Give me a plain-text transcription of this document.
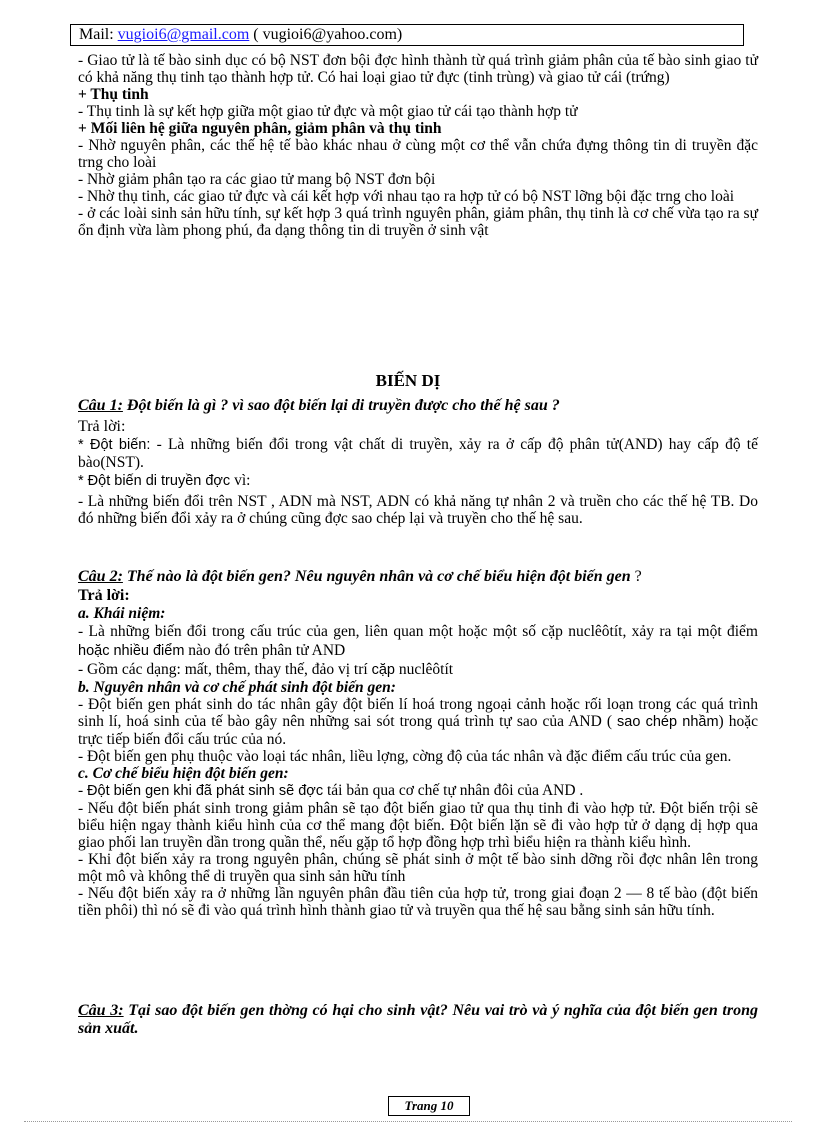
Mail: vugioi6@gmail.com ( vugioi6@yahoo.com)

- Giao tử là tế bào sinh dục có bộ NST đơn bội đợc hình thành từ quá trình giảm phân của tế bào sinh giao tử có khả năng thụ tinh tạo thành hợp tử. Có hai loại giao tử đực (tinh trùng) và giao tử cái (trứng)

+ Thụ tinh

- Thụ tinh là sự kết hợp giữa một giao tử đực và một giao tử cái tạo thành hợp tử

+ Mối liên hệ giữa nguyên phân, giảm phân và thụ tinh

- Nhờ nguyên phân, các thế hệ tế bào khác nhau ở cùng một cơ thể vẫn chứa đựng thông tin di truyền đặc trng cho loài

- Nhờ giảm phân tạo ra các giao tử mang bộ NST đơn bội

- Nhờ thụ tinh, các giao tử đực và cái kết hợp với nhau tạo ra hợp tử có bộ NST lỡng bội đặc trng cho loài

- ở các loài sinh sản hữu tính, sự kết hợp 3 quá trình nguyên phân, giảm phân, thụ tinh là cơ chế vừa tạo ra sự ổn định vừa làm phong phú, đa dạng thông tin di truyền ở sinh vật

BIẾN DỊ

Câu 1: Đột biến là gì ? vì sao đột biến lại di truyền được cho thế hệ sau ?

Trả lời:

* Đột biến: - Là những biến đổi trong vật chất di truyền, xảy ra ở cấp độ phân tử(AND) hay cấp độ tế bào(NST).

* Đột biến di truyền đợc vì:

- Là những biến đổi trên NST , ADN mà NST, ADN có khả năng tự nhân 2 và truền cho các thế hệ TB. Do đó những biến đổi xảy ra ở chúng cũng đợc sao chép lại và truyền cho thế hệ sau.

Câu 2: Thế nào là đột biến gen? Nêu nguyên nhân và cơ chế biểu hiện đột biến gen ?

Trả lời:

a. Khái niệm:

- Là những biến đổi trong cấu trúc của gen, liên quan một hoặc một số cặp nuclêôtít, xảy ra tại một điểm hoặc nhiều điểm nào đó trên phân tử AND

- Gồm các dạng: mất, thêm, thay thế, đảo vị trí cặp nuclêôtít

b. Nguyên nhân và cơ chế phát sinh đột biến gen:

- Đột biến gen phát sinh do tác nhân gây đột biến lí hoá trong ngoại cảnh hoặc rối loạn trong các quá trình sinh lí, hoá sinh của tế bào gây nên những sai sót trong quá trình tự sao của AND ( sao chép nhầm) hoặc trực tiếp biến đổi cấu trúc của nó.

- Đột biến gen phụ thuộc vào loại tác nhân, liều lợng, cờng độ của tác nhân và đặc điểm cấu trúc của gen.

c. Cơ chế biểu hiện đột biến gen:

- Đột biến gen khi đã phát sinh sẽ đợc tái bản qua cơ chế tự nhân đôi của AND .

- Nếu đột biến phát sinh trong giảm phân sẽ tạo đột biến giao tử qua thụ tinh đi vào hợp tử. Đột biến trội sẽ biểu hiện ngay thành kiểu hình của cơ thể mang đột biến. Đột biến lặn sẽ đi vào hợp tử ở dạng dị hợp qua giao phối lan truyền dần trong quần thể, nếu gặp tổ hợp đồng hợp trhì biểu hiện ra thành kiểu hình.

- Khi đột biến xảy ra trong nguyên phân, chúng sẽ phát sinh ở một tế bào sinh dỡng rồi đợc nhân lên trong một mô và không thể di truyền qua sinh sản hữu tính

- Nếu đột biến xảy ra ở những lần nguyên phân đầu tiên của hợp tử, trong giai đoạn 2 — 8 tế bào (đột biến tiền phôi) thì nó sẽ đi vào quá trình hình thành giao tử và truyền qua thế hệ sau bằng sinh sản hữu tính.

Câu 3: Tại sao đột biến gen thờng có hại cho sinh vật? Nêu vai trò và ý nghĩa của đột biến gen trong sản xuất.

Trang 10
